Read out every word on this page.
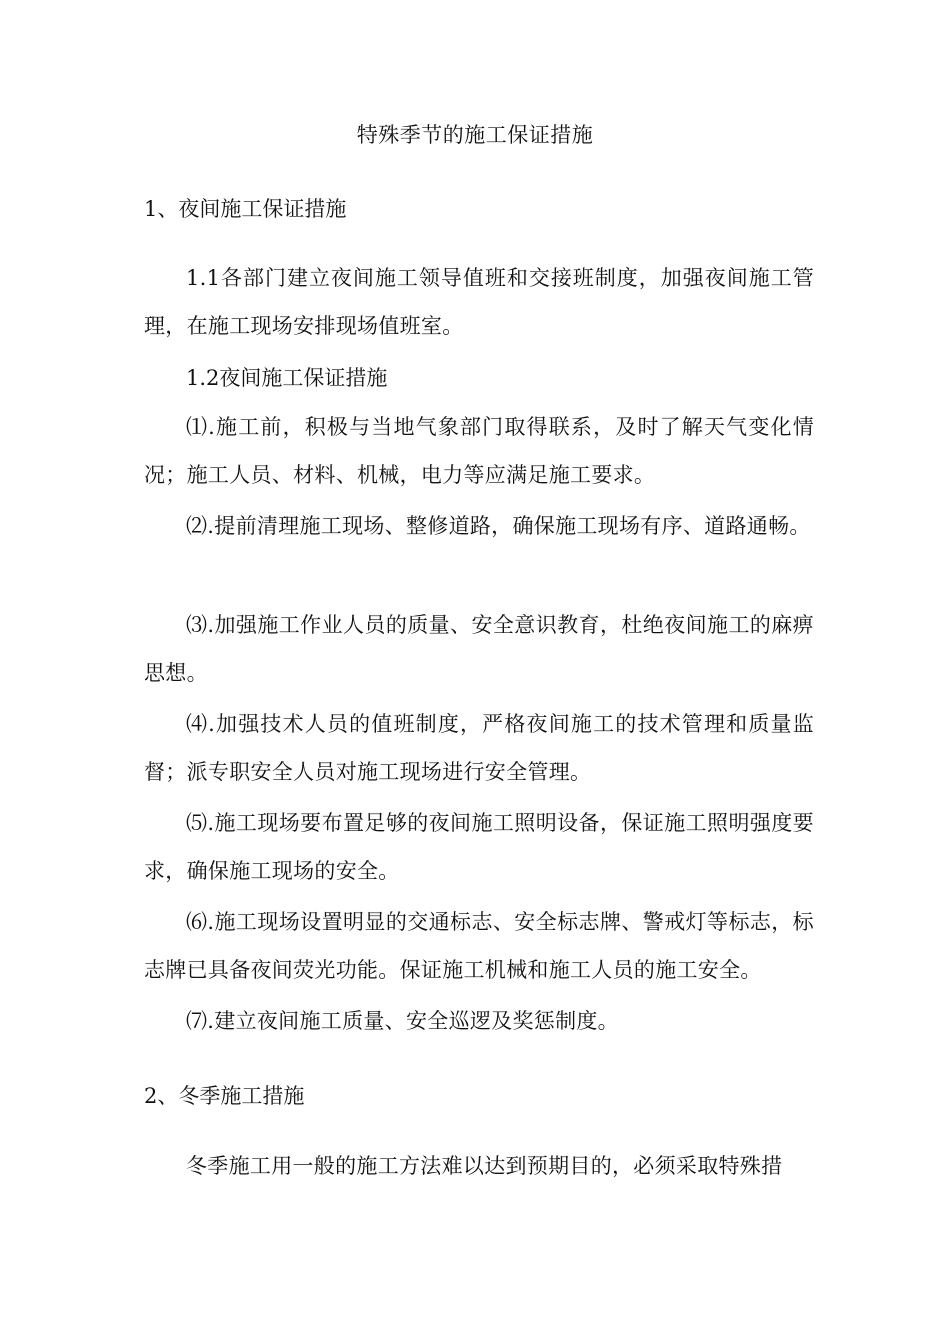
特殊季节的施工保证措施
1、夜间施工保证措施
1.1各部门建立夜间施工领导值班和交接班制度，加强夜间施工管理，在施工现场安排现场值班室。
1.2夜间施工保证措施
⑴.施工前，积极与当地气象部门取得联系，及时了解天气变化情况；施工人员、材料、机械，电力等应满足施工要求。
⑵.提前清理施工现场、整修道路，确保施工现场有序、道路通畅。
⑶.加强施工作业人员的质量、安全意识教育，杜绝夜间施工的麻痹思想。
⑷.加强技术人员的值班制度，严格夜间施工的技术管理和质量监督；派专职安全人员对施工现场进行安全管理。
⑸.施工现场要布置足够的夜间施工照明设备，保证施工照明强度要求，确保施工现场的安全。
⑹.施工现场设置明显的交通标志、安全标志牌、警戒灯等标志，标志牌已具备夜间荧光功能。保证施工机械和施工人员的施工安全。
⑺.建立夜间施工质量、安全巡逻及奖惩制度。
2、冬季施工措施
冬季施工用一般的施工方法难以达到预期目的，必须采取特殊措
